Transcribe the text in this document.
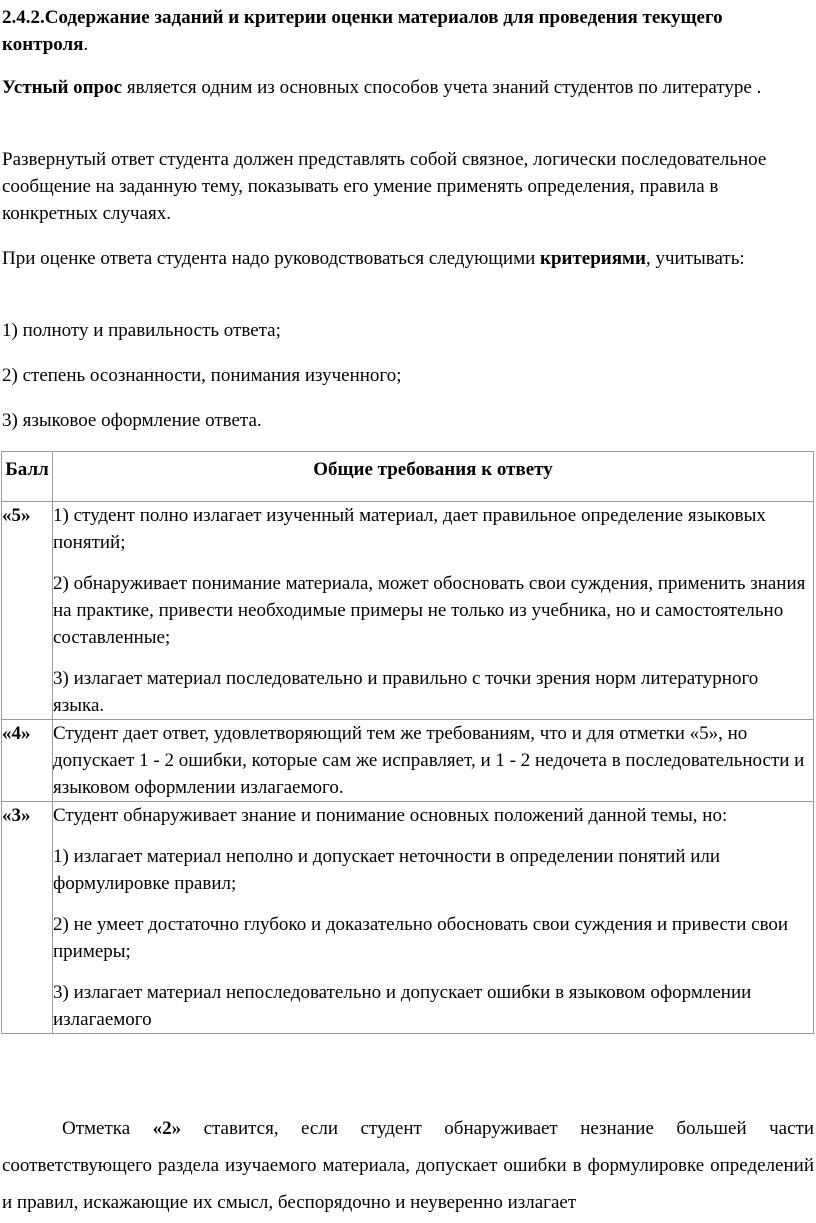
2.4.2.Содержание заданий и критерии оценки материалов для проведения текущего контроля.
Устный опрос является одним из основных способов учета знаний студентов по литературе .
Развернутый ответ студента должен представлять собой связное, логически последовательное сообщение на заданную тему, показывать его умение применять определения, правила в конкретных случаях.
При оценке ответа студента надо руководствоваться следующими критериями, учитывать:
1) полноту и правильность ответа;
2) степень осознанности, понимания изученного;
3) языковое оформление ответа.
Балл	Общие требования к ответу
«5»	1) студент полно излагает изученный материал, дает правильное определение языковых понятий;

2) обнаруживает понимание материала, может обосновать свои суждения, применить знания на практике, привести необходимые примеры не только из учебника, но и самостоятельно составленные;

3) излагает материал последовательно и правильно с точки зрения норм литературного языка.

«4»	Студент дает ответ, удовлетворяющий тем же требованиям, что и для отметки «5», но допускает 1 - 2 ошибки, которые сам же исправляет, и 1 - 2 недочета в последовательности и языковом оформлении излагаемого.

«3»	Студент обнаруживает знание и понимание основных положений данной темы, но:

1) излагает материал неполно и допускает неточности в определении понятий или формулировке правил;

2) не умеет достаточно глубоко и доказательно обосновать свои суждения и привести свои примеры;

3) излагает материал непоследовательно и допускает ошибки в языковом оформлении излагаемого

Отметка «2» ставится, если студент обнаруживает незнание большей части соответствующего раздела изучаемого материала, допускает ошибки в формулировке определений и правил, искажающие их смысл, беспорядочно и неуверенно излагает
